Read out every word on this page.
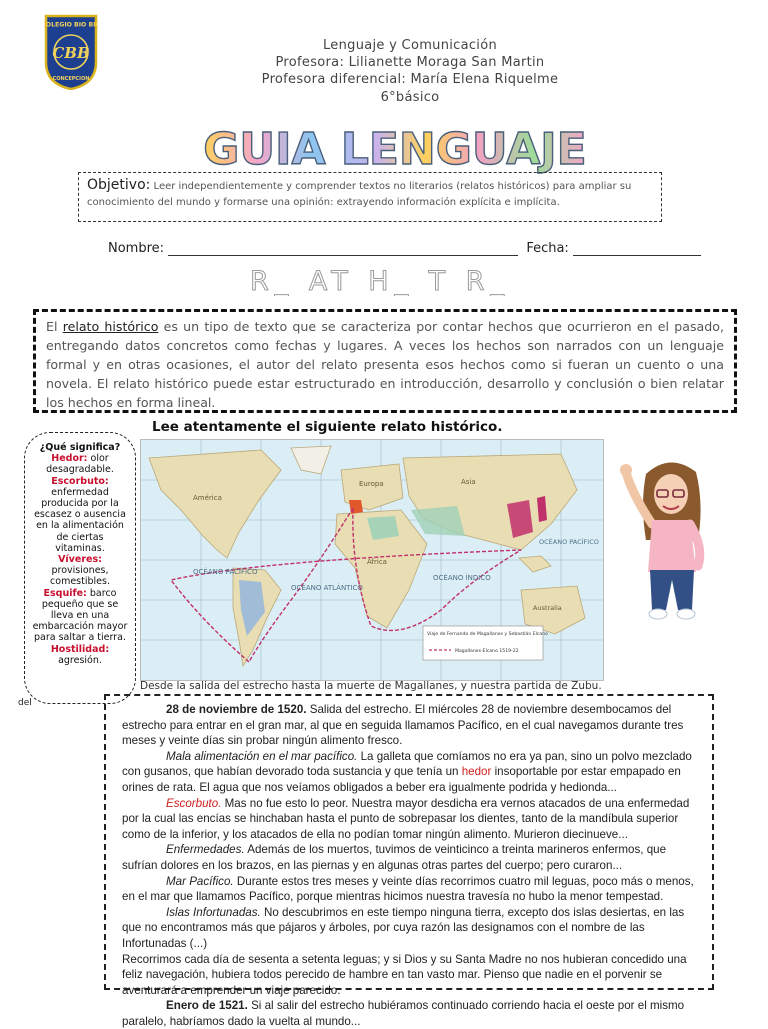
COLEGIO BIO BIO
CBB
CONCEPCION
Lenguaje y Comunicación
Profesora: Lilianette Moraga San Martin
Profesora diferencial: María Elena Riquelme
6°básico
GUIA LENGUAJE
Objetivo: Leer independientemente y comprender textos no literarios (relatos históricos) para ampliar su conocimiento del mundo y formarse una opinión: extrayendo información explícita e implícita.
Nombre:	Fecha:
R_ AT H_ T R_
El relato histórico es un tipo de texto que se caracteriza por contar hechos que ocurrieron en el pasado, entregando datos concretos como fechas y lugares. A veces los hechos son narrados con un lenguaje formal y en otras ocasiones, el autor del relato presenta esos hechos como si fueran un cuento o una novela. El relato histórico puede estar estructurado en introducción, desarrollo y conclusión o bien relatar los hechos en forma lineal.
Lee atentamente el siguiente relato histórico.
¿Qué significa?
Hedor: olor desagradable.
Escorbuto: enfermedad producida por la escasez o ausencia en la alimentación de ciertas vitaminas.
Víveres: provisiones, comestibles.
Esquife: barco pequeño que se lleva en una embarcación mayor para saltar a tierra.
Hostilidad: agresión.
del
OCÉANO PACÍFICO
OCÉANO ATLÁNTICO
OCÉANO ÍNDICO
OCÉANO PACÍFICO
América
Europa
África
Asia
Australia
Viaje de Fernando de Magallanes y Sebastián Elcano
Magallanes-Elcano 1519-22
Desde la salida del estrecho hasta la muerte de Magallanes, y nuestra partida de Zubu.

28 de noviembre de 1520. Salida del estrecho. El miércoles 28 de noviembre desembocamos del estrecho para entrar en el gran mar, al que en seguida llamamos Pacífico, en el cual navegamos durante tres meses y veinte días sin probar ningún alimento fresco.

Mala alimentación en el mar pacífico. La galleta que comíamos no era ya pan, sino un polvo mezclado con gusanos, que habían devorado toda sustancia y que tenía un hedor insoportable por estar empapado en orines de rata. El agua que nos veíamos obligados a beber era igualmente podrida y hedionda...

Escorbuto. Mas no fue esto lo peor. Nuestra mayor desdicha era vernos atacados de una enfermedad por la cual las encías se hinchaban hasta el punto de sobrepasar los dientes, tanto de la mandíbula superior como de la inferior, y los atacados de ella no podían tomar ningún alimento. Murieron diecinueve...

Enfermedades. Además de los muertos, tuvimos de veinticinco a treinta marineros enfermos, que sufrían dolores en los brazos, en las piernas y en algunas otras partes del cuerpo; pero curaron...

Mar Pacífico. Durante estos tres meses y veinte días recorrimos cuatro mil leguas, poco más o menos, en el mar que llamamos Pacífico, porque mientras hicimos nuestra travesía no hubo la menor tempestad.

Islas Infortunadas. No descubrimos en este tiempo ninguna tierra, excepto dos islas desiertas, en las que no encontramos más que pájaros y árboles, por cuya razón las designamos con el nombre de las Infortunadas (...)

Recorrimos cada día de sesenta a setenta leguas; y si Dios y su Santa Madre no nos hubieran concedido una feliz navegación, hubiera todos perecido de hambre en tan vasto mar. Pienso que nadie en el porvenir se aventurará a emprender un viaje parecido.

Enero de 1521. Si al salir del estrecho hubiéramos continuado corriendo hacia el oeste por el mismo paralelo, habríamos dado la vuelta al mundo...
